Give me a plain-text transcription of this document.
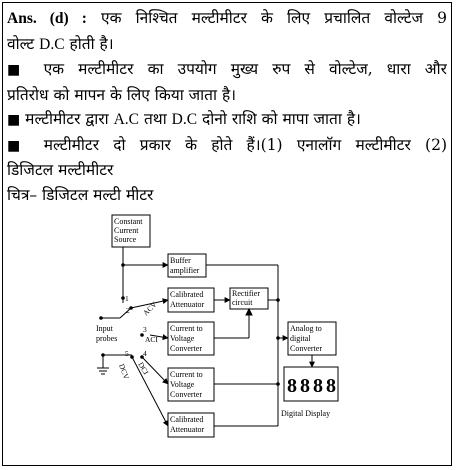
Ans. (d) : एक निश्चित मल्टीमीटर के लिए प्रचालित वोल्टेज 9
वोल्ट D.C होती है।
■ एक मल्टीमीटर का उपयोग मुख्य रुप से वोल्टेज, धारा और
प्रतिरोध को मापन के लिए किया जाता है।
■ मल्टीमीटर द्वारा A.C तथा D.C दोनो राशि को मापा जाता है।
■ मल्टीमीटर दो प्रकार के होते हैं।(1) एनालॉग मल्टीमीटर (2)
डिजिटल मल्टीमीटर
चित्र– डिजिटल मल्टी मीटर
Constant
Current
Source
Buffer
amplifier
Calibrated
Attenuator
Rectifier
circuit
Current to
Voltage
Converter
Current to
Voltage
Converter
Calibrated
Attenuator
Analog to
digital
Converter
Digital Display
Input
probes
8 8 8 8
1
2
3
4
5
ACI
ACV
DCI
DCV
